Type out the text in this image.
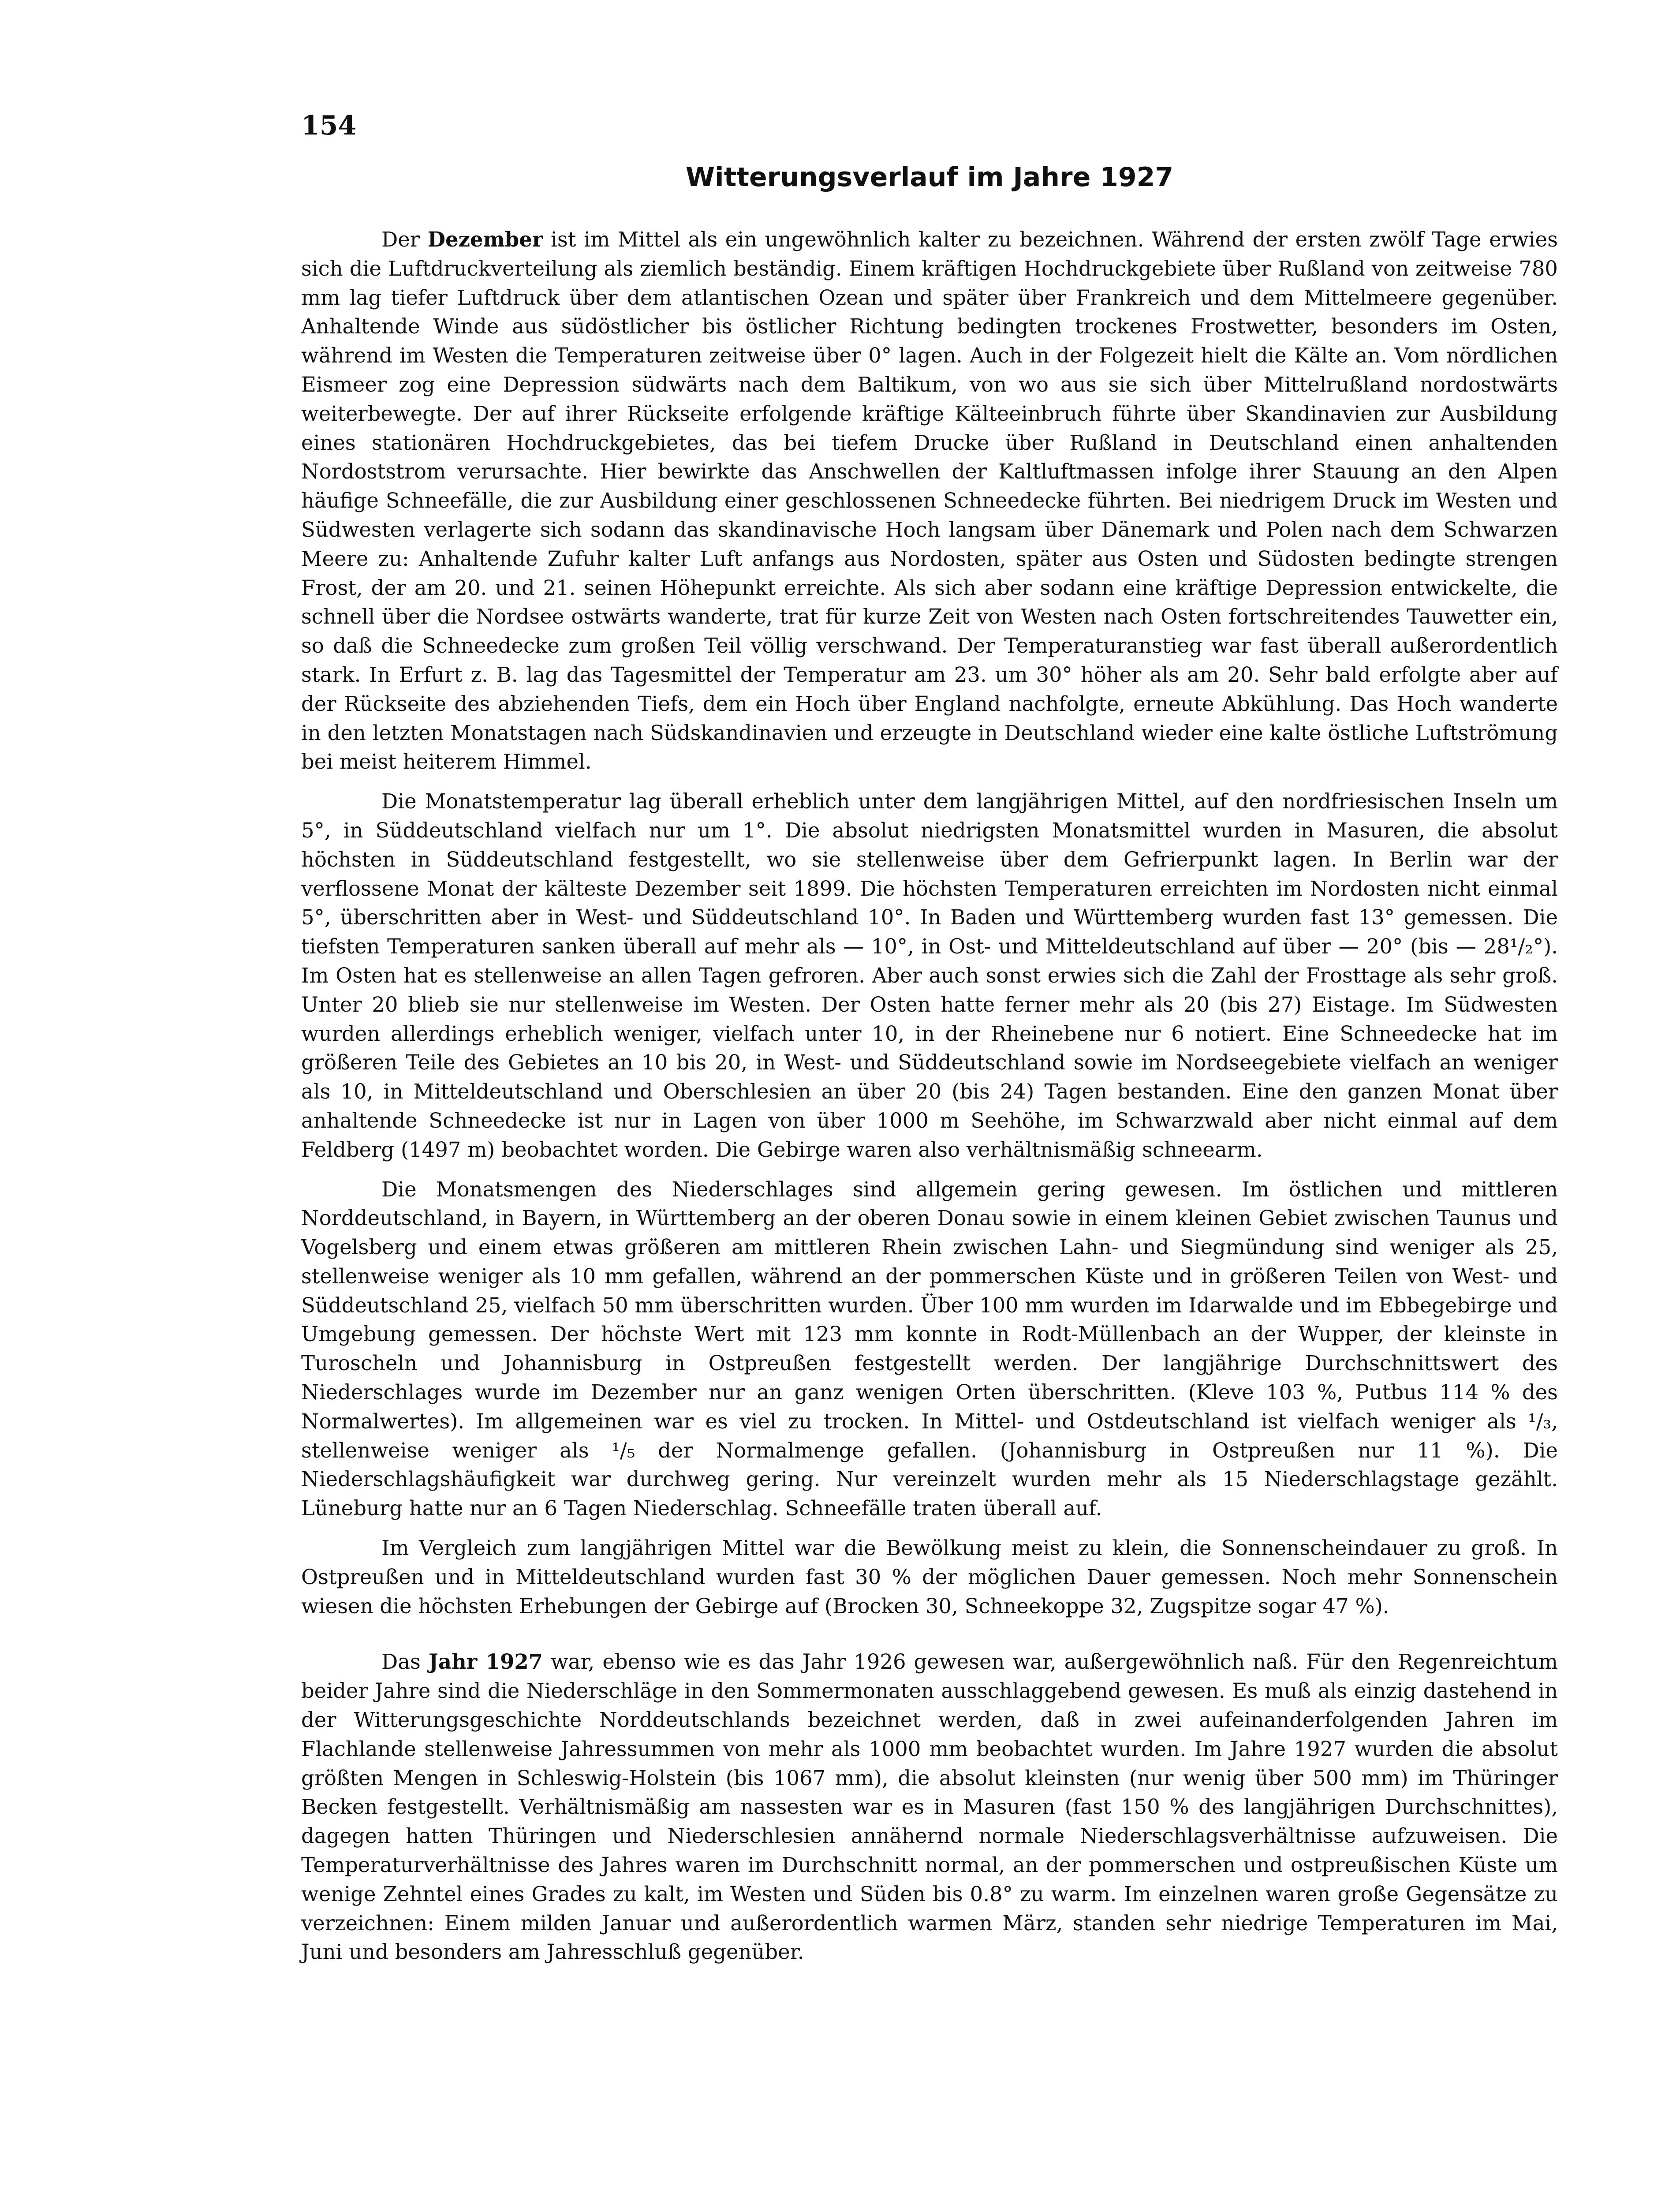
154
Witterungsverlauf im Jahre 1927

Der Dezember ist im Mittel als ein ungewöhnlich kalter zu bezeichnen. Während der ersten zwölf Tage erwies sich die Luftdruckverteilung als ziemlich beständig. Einem kräftigen Hochdruckgebiete über Rußland von zeitweise 780 mm lag tiefer Luftdruck über dem atlantischen Ozean und später über Frankreich und dem Mittelmeere gegenüber. Anhaltende Winde aus südöstlicher bis östlicher Richtung bedingten trockenes Frostwetter, besonders im Osten, während im Westen die Temperaturen zeitweise über 0° lagen. Auch in der Folgezeit hielt die Kälte an. Vom nördlichen Eismeer zog eine Depression südwärts nach dem Baltikum, von wo aus sie sich über Mittelrußland nordostwärts weiterbewegte. Der auf ihrer Rückseite erfolgende kräftige Kälteeinbruch führte über Skandinavien zur Ausbildung eines stationären Hochdruckgebietes, das bei tiefem Drucke über Rußland in Deutschland einen anhaltenden Nordoststrom verursachte. Hier bewirkte das Anschwellen der Kaltluftmassen infolge ihrer Stauung an den Alpen häufige Schneefälle, die zur Ausbildung einer geschlossenen Schneedecke führten. Bei niedrigem Druck im Westen und Südwesten verlagerte sich sodann das skandinavische Hoch langsam über Dänemark und Polen nach dem Schwarzen Meere zu: Anhaltende Zufuhr kalter Luft anfangs aus Nordosten, später aus Osten und Südosten bedingte strengen Frost, der am 20. und 21. seinen Höhepunkt erreichte. Als sich aber sodann eine kräftige Depression entwickelte, die schnell über die Nordsee ostwärts wanderte, trat für kurze Zeit von Westen nach Osten fortschreitendes Tauwetter ein, so daß die Schneedecke zum großen Teil völlig verschwand. Der Temperaturanstieg war fast überall außerordentlich stark. In Erfurt z. B. lag das Tagesmittel der Temperatur am 23. um 30° höher als am 20. Sehr bald erfolgte aber auf der Rückseite des abziehenden Tiefs, dem ein Hoch über England nachfolgte, erneute Abkühlung. Das Hoch wanderte in den letzten Monatstagen nach Südskandinavien und erzeugte in Deutschland wieder eine kalte östliche Luftströmung bei meist heiterem Himmel.

Die Monatstemperatur lag überall erheblich unter dem langjährigen Mittel, auf den nordfriesischen Inseln um 5°, in Süddeutschland vielfach nur um 1°. Die absolut niedrigsten Monatsmittel wurden in Masuren, die absolut höchsten in Süddeutschland festgestellt, wo sie stellenweise über dem Gefrierpunkt lagen. In Berlin war der verflossene Monat der kälteste Dezember seit 1899. Die höchsten Temperaturen erreichten im Nordosten nicht einmal 5°, überschritten aber in West- und Süddeutschland 10°. In Baden und Württemberg wurden fast 13° gemessen. Die tiefsten Temperaturen sanken überall auf mehr als — 10°, in Ost- und Mitteldeutschland auf über — 20° (bis — 28¹/₂°). Im Osten hat es stellenweise an allen Tagen gefroren. Aber auch sonst erwies sich die Zahl der Frosttage als sehr groß. Unter 20 blieb sie nur stellenweise im Westen. Der Osten hatte ferner mehr als 20 (bis 27) Eistage. Im Südwesten wurden allerdings erheblich weniger, vielfach unter 10, in der Rheinebene nur 6 notiert. Eine Schneedecke hat im größeren Teile des Gebietes an 10 bis 20, in West- und Süddeutschland sowie im Nordseegebiete vielfach an weniger als 10, in Mitteldeutschland und Oberschlesien an über 20 (bis 24) Tagen bestanden. Eine den ganzen Monat über anhaltende Schneedecke ist nur in Lagen von über 1000 m Seehöhe, im Schwarzwald aber nicht einmal auf dem Feldberg (1497 m) beobachtet worden. Die Gebirge waren also verhältnismäßig schneearm.

Die Monatsmengen des Niederschlages sind allgemein gering gewesen. Im östlichen und mittleren Norddeutschland, in Bayern, in Württemberg an der oberen Donau sowie in einem kleinen Gebiet zwischen Taunus und Vogelsberg und einem etwas größeren am mittleren Rhein zwischen Lahn- und Siegmündung sind weniger als 25, stellenweise weniger als 10 mm gefallen, während an der pommerschen Küste und in größeren Teilen von West- und Süddeutschland 25, vielfach 50 mm überschritten wurden. Über 100 mm wurden im Idarwalde und im Ebbegebirge und Umgebung gemessen. Der höchste Wert mit 123 mm konnte in Rodt-Müllenbach an der Wupper, der kleinste in Turoscheln und Johannisburg in Ostpreußen festgestellt werden. Der langjährige Durchschnittswert des Niederschlages wurde im Dezember nur an ganz wenigen Orten überschritten. (Kleve 103 %, Putbus 114 % des Normalwertes). Im allgemeinen war es viel zu trocken. In Mittel- und Ostdeutschland ist vielfach weniger als ¹/₃, stellenweise weniger als ¹/₅ der Normalmenge gefallen. (Johannisburg in Ostpreußen nur 11 %). Die Niederschlagshäufigkeit war durchweg gering. Nur vereinzelt wurden mehr als 15 Niederschlagstage gezählt. Lüneburg hatte nur an 6 Tagen Niederschlag. Schneefälle traten überall auf.

Im Vergleich zum langjährigen Mittel war die Bewölkung meist zu klein, die Sonnenscheindauer zu groß. In Ostpreußen und in Mitteldeutschland wurden fast 30 % der möglichen Dauer gemessen. Noch mehr Sonnenschein wiesen die höchsten Erhebungen der Gebirge auf (Brocken 30, Schneekoppe 32, Zugspitze sogar 47 %).

Das Jahr 1927 war, ebenso wie es das Jahr 1926 gewesen war, außergewöhnlich naß. Für den Regenreichtum beider Jahre sind die Niederschläge in den Sommermonaten ausschlaggebend gewesen. Es muß als einzig dastehend in der Witterungsgeschichte Norddeutschlands bezeichnet werden, daß in zwei aufeinanderfolgenden Jahren im Flachlande stellenweise Jahressummen von mehr als 1000 mm beobachtet wurden. Im Jahre 1927 wurden die absolut größten Mengen in Schleswig-Holstein (bis 1067 mm), die absolut kleinsten (nur wenig über 500 mm) im Thüringer Becken festgestellt. Verhältnismäßig am nassesten war es in Masuren (fast 150 % des langjährigen Durchschnittes), dagegen hatten Thüringen und Niederschlesien annähernd normale Niederschlagsverhältnisse aufzuweisen. Die Temperaturverhältnisse des Jahres waren im Durchschnitt normal, an der pommerschen und ostpreußischen Küste um wenige Zehntel eines Grades zu kalt, im Westen und Süden bis 0.8° zu warm. Im einzelnen waren große Gegensätze zu verzeichnen: Einem milden Januar und außerordentlich warmen März, standen sehr niedrige Temperaturen im Mai, Juni und besonders am Jahresschluß gegenüber.
